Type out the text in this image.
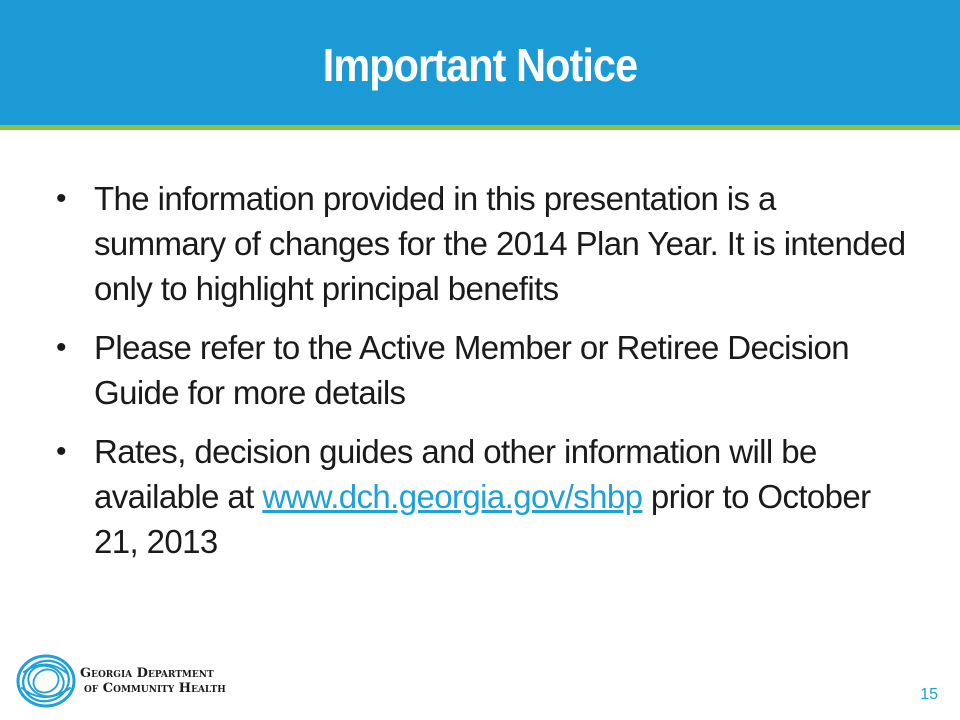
Important Notice
• The information provided in this presentation is a summary of changes for the 2014 Plan Year. It is intended only to highlight principal benefits
• Please refer to the Active Member or Retiree Decision Guide for more details
• Rates, decision guides and other information will be available at www.dch.georgia.gov/shbp prior to October 21, 2013
Georgia Department
of Community Health	15
